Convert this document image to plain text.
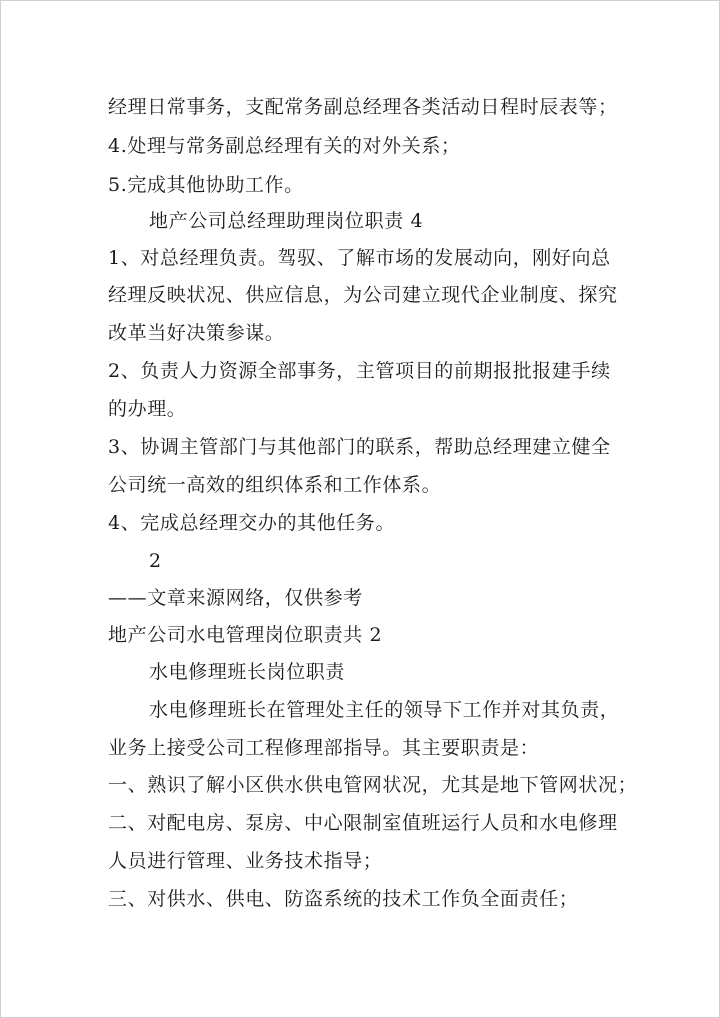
经理日常事务，支配常务副总经理各类活动日程时辰表等；

4.处理与常务副总经理有关的对外关系；

5.完成其他协助工作。

地产公司总经理助理岗位职责 4

1、对总经理负责。驾驭、了解市场的发展动向，刚好向总

经理反映状况、供应信息，为公司建立现代企业制度、探究

改革当好决策参谋。

2、负责人力资源全部事务，主管项目的前期报批报建手续

的办理。

3、协调主管部门与其他部门的联系，帮助总经理建立健全

公司统一高效的组织体系和工作体系。

4、完成总经理交办的其他任务。

2

——文章来源网络，仅供参考

地产公司水电管理岗位职责共 2

水电修理班长岗位职责

水电修理班长在管理处主任的领导下工作并对其负责，

业务上接受公司工程修理部指导。其主要职责是：

一、熟识了解小区供水供电管网状况，尤其是地下管网状况；

二、对配电房、泵房、中心限制室值班运行人员和水电修理

人员进行管理、业务技术指导；

三、对供水、供电、防盗系统的技术工作负全面责任；
